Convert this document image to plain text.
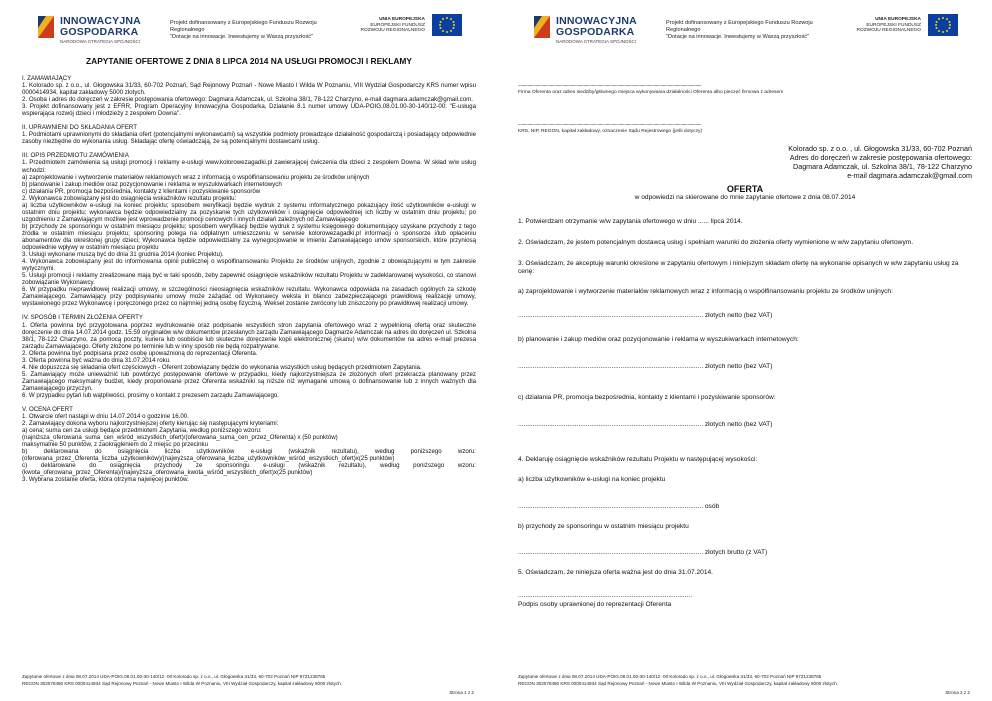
INNOWACYJNA
GOSPODARKA
NARODOWA STRATEGIA SPÓJNOŚCI
Projekt dofinansowany z Europejskiego Funduszu Rozwoju Regionalnego
"Dotacje na innowacje. Inwestujemy w Waszą przyszłość"
UNIA EUROPEJSKA
EUROPEJSKI FUNDUSZ
ROZWOJU REGIONALNEGO
ZAPYTANIE OFERTOWE Z DNIA 8 LIPCA 2014 NA USŁUGI PROMOCJI I REKLAMY

I. ZAMAWIAJĄCY

1. Kolorado sp. z o.o., ul. Głogowska 31/33, 60-702 Poznań, Sąd Rejonowy Poznań - Nowe Miasto I Wilda W Poznaniu, VIII Wydział Gospodarczy KRS numer wpisu 0000414934, kapitał zakładowy 5000 złotych.

2. Osoba i adres do doręczeń w zakresie postępowania ofertowego: Dagmara Adamczak, ul. Szkolna 38/1, 78-122 Charzyno, e-mail dagmara.adamczak@gmail.com.

3. Projekt dofinansowany jest z EFRR, Program Operacyjny Innowacyjna Gospodarka, Działanie 8.1 numer umowy UDA-POIG.08.01.00-30-140/12-00: "E-usługa wspierająca rozwój dzieci i młodzieży z zespołem Downa".

II. UPRAWNIENI DO SKŁADANIA OFERT

1. Podmiotami uprawnionymi do składania ofert (potencjalnymi wykonawcami) są wszystkie podmioty prowadzące działalność gospodarczą i posiadający odpowiednie zasoby niezbędne do wykonania usług. Składając ofertę oświadczają, że są potencjalnymi dostawcami usług.

III. OPIS PRZEDMIOTU ZAMÓWIENIA

1. Przedmiotem zamówienia są usługi promocji i reklamy e-usługi www.kolorowezagadki.pl zawierającej ćwiczenia dla dzieci z zespołem Downa. W skład w/w usług wchodzi:

a) zaprojektowanie i wytworzenie materiałów reklamowych wraz z informacją o współfinansowaniu projektu ze środków unijnych

b) planowanie i zakup mediów oraz pozycjonowanie i reklama w wyszukiwarkach internetowych

c) działania PR, promocja bezpośrednia, kontakty z klientami i pozyskiwanie sponsorów

2. Wykonawca zobowiązany jest do osiągnięcia wskaźników rezultatu projektu:

a) liczba użytkowników e-usługi na koniec projektu; sposobem weryfikacji będzie wydruk z systemu informatycznego pokazujący ilość użytkowników e-usługi w ostatnim dniu projektu; wykonawca będzie odpowiedzialny za pozyskanie tych użytkowników i osiągnięcie odpowiedniej ich liczby w ostatnim dniu projektu; po uzgodnieniu z Zamawiającym możliwe jest wprowadzenie promocji cenowych i innych działań zależnych od Zamawiającego

b) przychody ze sponsoringu w ostatnim miesiącu projektu; sposobem weryfikacji będzie wydruk z systemu księgowego dokumentujący uzyskane przychody z tego źródła w ostatnim miesiącu projektu; sponsoring polega na odpłatnym umieszczeniu w serwisie kolorowezagadki.pl informacji o sponsorze i/lub opłaceniu abonamentów dla określonej grupy dzieci; Wykonawca będzie odpowiedzialny za wynegocjowanie w imieniu Zamawiającego umów sponsorskich, które przyniosą odpowiednie wpływy w ostatnim miesiącu projektu

3. Usługi wykonane muszą być do dnia 31 grudnia 2014 (koniec Projektu).

4. Wykonawca zobowiązany jest do informowania opinii publicznej o współfinansowaniu Projektu ze środków unijnych, zgodnie z obowiązującymi w tym zakresie wytycznymi.

5. Usługi promocji i reklamy zrealizowane mają być w taki sposób, żeby zapewnić osiągnięcie wskaźników rezultatu Projektu w zadeklarowanej wysokości, co stanowi zobowiązanie Wykonawcy.

6. W przypadku nieprawidłowej realizacji umowy, w szczególności nieosiągnięcia wskaźników rezultatu. Wykonawca odpowiada na zasadach ogólnych za szkodę Zamawiającego. Zamawiający przy podpisywaniu umowy może zażądać od Wykonawcy weksla in blanco zabezpieczającego prawidłową realizację umowy, wystawionego przez Wykonawcę i poręczonego przez co najmniej jedną osobę fizyczną. Weksel zostanie zwrócony lub zniszczony po prawidłowej realizacji umowy.

IV. SPOSÓB I TERMIN ZŁOŻENIA OFERTY

1. Oferta powinna być przygotowana poprzez wydrukowanie oraz podpisanie wszystkich stron zapytania ofertowego wraz z wypełnioną ofertą oraz skuteczne doręczenie do dnia 14.07.2014 godz. 15.59 oryginałów w/w dokumentów przesłanych zarządu Zamawiającego Dagmarze Adamczak na adres do doręczeń ul. Szkolna 38/1, 78-122 Charzyno, za pomocą poczty, kuriera lub osobiście lub skuteczne doręczenie kopii elektronicznej (skanu) w/w dokumentów na adres e-mail prezesa zarządu Zamawiającego. Oferty złożone po terminie lub w inny sposób nie będą rozpatrywane.

2. Oferta powinna być podpisana przez osobę upoważnioną do reprezentacji Oferenta.

3. Oferta powinna być ważna do dnia 31.07.2014 roku.

4. Nie dopuszcza się składania ofert częściowych - Oferent zobowiązany będzie do wykonania wszystkich usług będących przedmiotem Zapytania.

5. Zamawiający może unieważnić lub powtórzyć postępowanie ofertowe w przypadku, kiedy najkorzystniejsza ze złożonych ofert przekracza planowany przez Zamawiającego maksymalny budżet, kiedy proponowane przez Oferenta wskaźniki są niższe niż wymagane umową o dofinansowanie lub z innych ważnych dla Zamawiającego przyczyn.

6. W przypadku pytań lub wątpliwości, prosimy o kontakt z prezesem zarządu Zamawiającego.

V. OCENA OFERT

1. Otwarcie ofert nastąpi w dniu 14.07.2014 o godzinie 16.00.

2. Zamawiający dokona wyboru najkorzystniejszej oferty kierując się następującymi kryteriami:

a) cena; suma cen za usługi będące przedmiotem Zapytania, według poniższego wzoru:

(najniższa_oferowana_suma_cen_wśród_wszystkich_ofert)/(oferowana_suma_cen_przez_Oferenta) x (50 punktów)

maksymalnie 50 punktów, z zaokrągleniem do 2 miejsc po przecinku

b) deklarowana do osiągnięcia liczba użytkowników e-usługi (wskaźnik rezultatu), według poniższego wzoru: (oferowana_przez_Oferenta_liczba_użytkowników)/(najwyższa_oferowana_liczba_użytkowników_wśród_wszystkich_ofert)x(25 punktów)

c) deklarowane do osiągnięcia przychody ze sponsoringu e-usługi (wskaźnik rezultatu), według poniższego wzoru: (kwota_oferowana_przez_Oferenta)/(najwyższa_oferowana_kwota_wśród_wszystkich_ofert)x(25 punktów)

3. Wybrana zostanie oferta, która otrzyma najwięcej punktów.

Zapytanie ofertowe z dnia 08.07.2014 UDA-POIG.08.01.00-30-140/12 -00 Kolorado sp. z o.o., ul. Głogowska 31/33, 60-702 Poznań NIP 9721238765
REGON 302078480 KRS 0000414934 Sąd Rejonowy Poznań - Nowe Miasto I Wilda W Poznaniu, VIII Wydział Gospodarczy, kapitał zakładowy 5000 złotych.
Strona 1 z 2
INNOWACYJNA
GOSPODARKA
NARODOWA STRATEGIA SPÓJNOŚCI
Projekt dofinansowany z Europejskiego Funduszu Rozwoju Regionalnego
"Dotacje na innowacje. Inwestujemy w Waszą przyszłość"
UNIA EUROPEJSKA
EUROPEJSKI FUNDUSZ
ROZWOJU REGIONALNEGO
.............................................................................................................................................................
Firma Oferenta oraz adres siedziby/głównego miejsca wykonywania działalności Oferenta albo pieczęć firmowa z adresem
.............................................................................................................................................................
KRS, NIP, REGON, kapitał zakładowy, oznaczenie Sądu Rejestrowego (jeśli dotyczy)
Kolorado sp. z o.o. , ul. Głogowska 31/33, 60-702 Poznań
Adres do doręczeń w zakresie postępowania ofertowego:
Dagmara Adamczak, ul. Szkolna 38/1, 78-122 Charzyno
e-mail dagmara.adamczak@gmail.com
OFERTA
w odpowiedzi na skierowane do mnie zapytanie ofertowe z dnia 08.07.2014

1. Potwierdzam otrzymanie w/w zapytania ofertowego w dniu ...... lipca 2014.

2. Oświadczam, że jestem potencjalnym dostawcą usług i spełniam warunki do złożenia oferty wymienione w w/w zapytaniu ofertowym.

3. Oświadczam, że akceptuję warunki określone w zapytaniu ofertowym i niniejszym składam ofertę na wykonanie opisanych w w/w zapytaniu usług za cenę:

a) zaprojektowanie i wytworzenie materiałów reklamowych wraz z informacją o współfinansowaniu projektu ze środków unijnych:

..................................................................................................... złotych netto (bez VAT)

b) planowanie i zakup mediów oraz pozycjonowanie i reklama w wyszukiwarkach internetowych:

..................................................................................................... złotych netto (bez VAT)

c) działania PR, promocja bezpośrednia, kontakty z klientami i pozyskiwanie sponsorów:

..................................................................................................... złotych netto (bez VAT)

4. Deklaruję osiągnięcie wskaźników rezultatu Projektu w następującej wysokości:

a) liczba użytkowników e-usługi na koniec projektu

..................................................................................................... osób

b) przychody ze sponsoringu w ostatnim miesiącu projektu

..................................................................................................... złotych brutto (z VAT)

5. Oświadczam, że niniejsza oferta ważna jest do dnia 31.07.2014.

...............................................................................................

Podpis osoby uprawnionej do reprezentacji Oferenta

Zapytanie ofertowe z dnia 08.07.2014 UDA-POIG.08.01.00-30-140/12 -00 Kolorado sp. z o.o., ul. Głogowska 31/33, 60-702 Poznań NIP 9721238765
REGON 302078480 KRS 0000414934 Sąd Rejonowy Poznań - Nowe Miasto I Wilda W Poznaniu, VIII Wydział Gospodarczy, kapitał zakładowy 5000 złotych.
Strona 2 z 2
